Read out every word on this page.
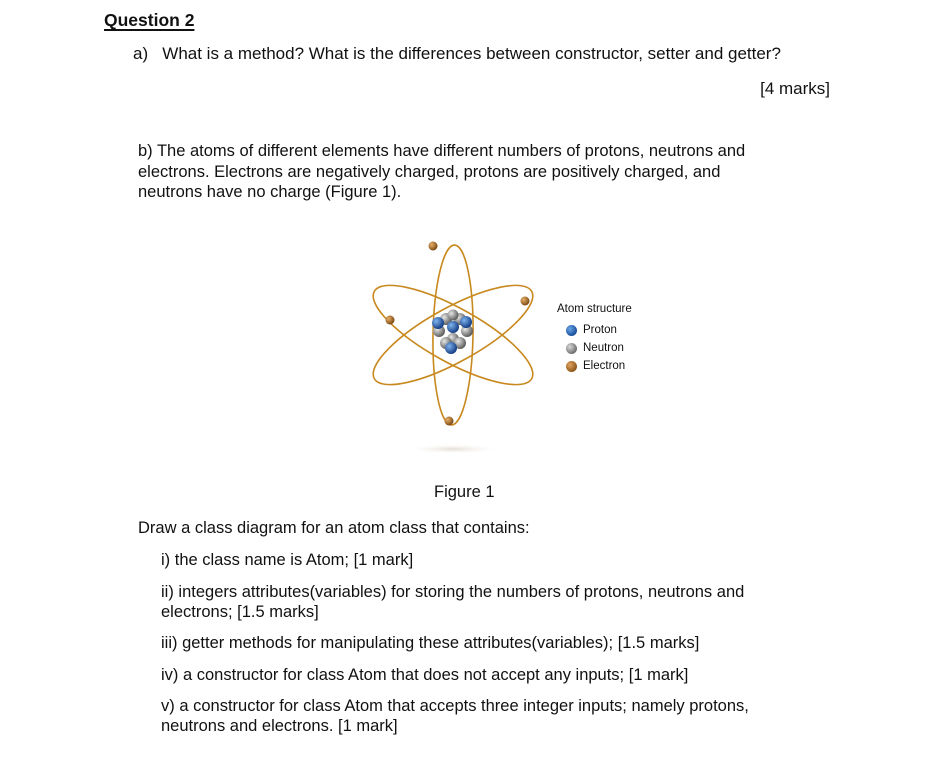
Question 2
a)   What is a method? What is the differences between constructor, setter and getter?
[4 marks]
b) The atoms of different elements have different numbers of protons, neutrons and
electrons. Electrons are negatively charged, protons are positively charged, and
neutrons have no charge (Figure 1).
Atom structure
Proton
Neutron
Electron
Figure 1
Draw a class diagram for an atom class that contains:
i) the class name is Atom; [1 mark]
ii) integers attributes(variables) for storing the numbers of protons, neutrons and
electrons; [1.5 marks]
iii) getter methods for manipulating these attributes(variables); [1.5 marks]
iv) a constructor for class Atom that does not accept any inputs; [1 mark]
v) a constructor for class Atom that accepts three integer inputs; namely protons,
neutrons and electrons. [1 mark]
